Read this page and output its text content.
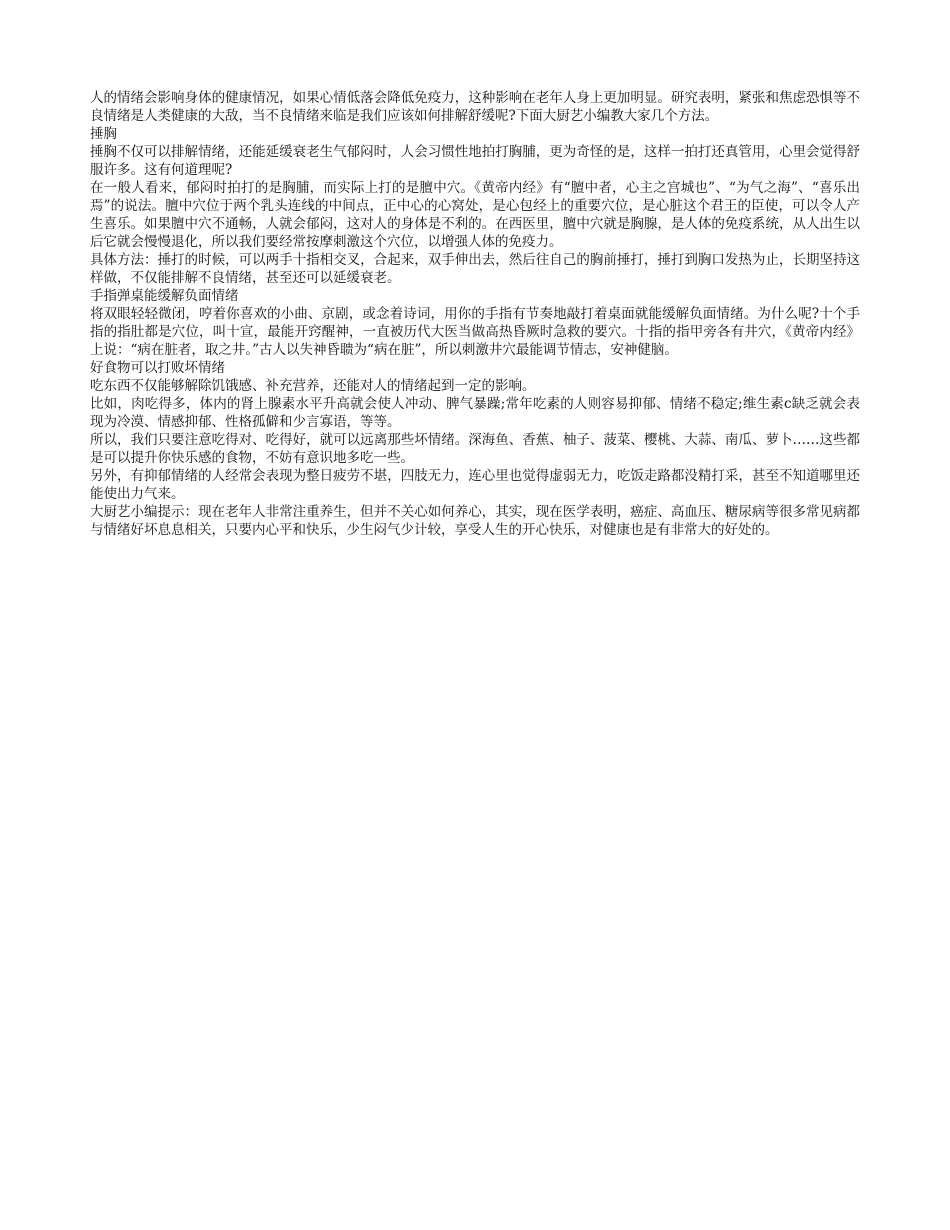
人的情绪会影响身体的健康情况，如果心情低落会降低免疫力，这种影响在老年人身上更加明显。研究表明，紧张和焦虑恐惧等不良情绪是人类健康的大敌，当不良情绪来临是我们应该如何排解舒缓呢?下面大厨艺小编教大家几个方法。

捶胸

捶胸不仅可以排解情绪，还能延缓衰老生气郁闷时，人会习惯性地拍打胸脯，更为奇怪的是，这样一拍打还真管用，心里会觉得舒服许多。这有何道理呢?

在一般人看来，郁闷时拍打的是胸脯，而实际上打的是膻中穴。《黄帝内经》有“膻中者，心主之宫城也”、“为气之海”、“喜乐出焉”的说法。膻中穴位于两个乳头连线的中间点，正中心的心窝处，是心包经上的重要穴位，是心脏这个君王的臣使，可以令人产生喜乐。如果膻中穴不通畅，人就会郁闷，这对人的身体是不利的。在西医里，膻中穴就是胸腺，是人体的免疫系统，从人出生以后它就会慢慢退化，所以我们要经常按摩刺激这个穴位，以增强人体的免疫力。

具体方法：捶打的时候，可以两手十指相交叉，合起来，双手伸出去，然后往自己的胸前捶打，捶打到胸口发热为止，长期坚持这样做，不仅能排解不良情绪，甚至还可以延缓衰老。

手指弹桌能缓解负面情绪

将双眼轻轻微闭，哼着你喜欢的小曲、京剧，或念着诗词，用你的手指有节奏地敲打着桌面就能缓解负面情绪。为什么呢?十个手指的指肚都是穴位，叫十宣，最能开窍醒神，一直被历代大医当做高热昏厥时急救的要穴。十指的指甲旁各有井穴，《黄帝内经》上说：“病在脏者，取之井。”古人以失神昏聩为“病在脏”，所以刺激井穴最能调节情志，安神健脑。

好食物可以打败坏情绪

吃东西不仅能够解除饥饿感、补充营养，还能对人的情绪起到一定的影响。

比如，肉吃得多，体内的肾上腺素水平升高就会使人冲动、脾气暴躁;常年吃素的人则容易抑郁、情绪不稳定;维生素c缺乏就会表现为冷漠、情感抑郁、性格孤僻和少言寡语，等等。

所以，我们只要注意吃得对、吃得好，就可以远离那些坏情绪。深海鱼、香蕉、柚子、菠菜、樱桃、大蒜、南瓜、萝卜……这些都是可以提升你快乐感的食物，不妨有意识地多吃一些。

另外，有抑郁情绪的人经常会表现为整日疲劳不堪，四肢无力，连心里也觉得虚弱无力，吃饭走路都没精打采，甚至不知道哪里还能使出力气来。

大厨艺小编提示：现在老年人非常注重养生，但并不关心如何养心，其实，现在医学表明，癌症、高血压、糖尿病等很多常见病都与情绪好坏息息相关，只要内心平和快乐，少生闷气少计较，享受人生的开心快乐，对健康也是有非常大的好处的。
